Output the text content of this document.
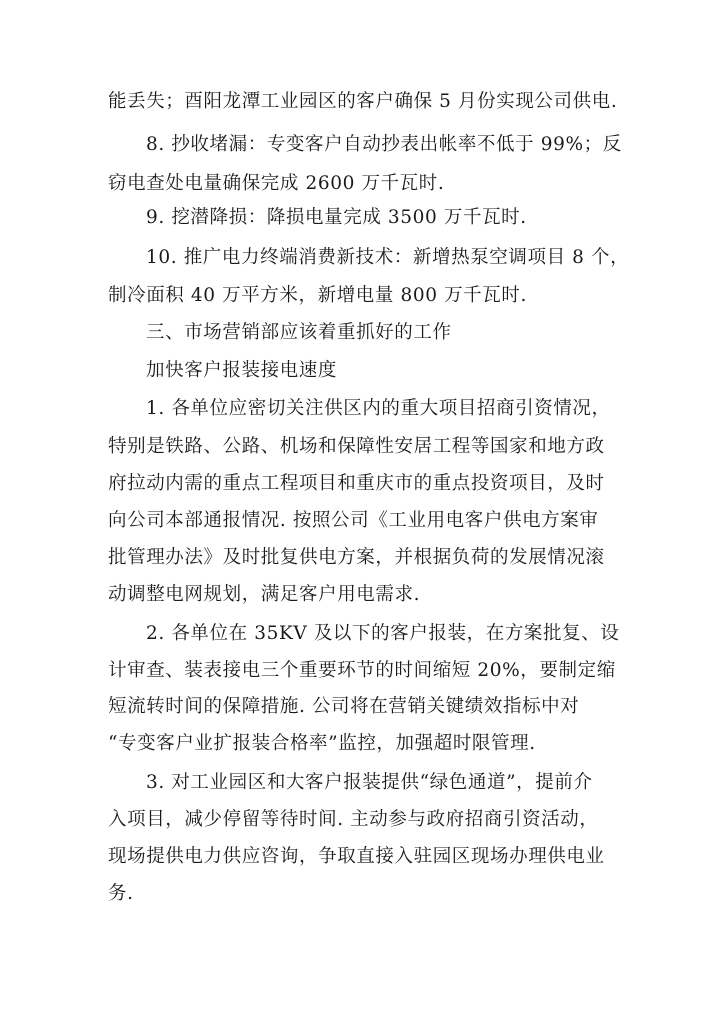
能丢失；酉阳龙潭工业园区的客户确保 5 月份实现公司供电.
8. 抄收堵漏：专变客户自动抄表出帐率不低于 99%；反
窃电查处电量确保完成 2600 万千瓦时.
9. 挖潜降损：降损电量完成 3500 万千瓦时.
10. 推广电力终端消费新技术：新增热泵空调项目 8 个，
制冷面积 40 万平方米，新增电量 800 万千瓦时.
三、市场营销部应该着重抓好的工作
加快客户报装接电速度
1. 各单位应密切关注供区内的重大项目招商引资情况，
特别是铁路、公路、机场和保障性安居工程等国家和地方政
府拉动内需的重点工程项目和重庆市的重点投资项目，及时
向公司本部通报情况. 按照公司《工业用电客户供电方案审
批管理办法》及时批复供电方案，并根据负荷的发展情况滚
动调整电网规划，满足客户用电需求.
2. 各单位在 35KV 及以下的客户报装，在方案批复、设
计审查、装表接电三个重要环节的时间缩短 20%，要制定缩
短流转时间的保障措施. 公司将在营销关键绩效指标中对
“专变客户业扩报装合格率”监控，加强超时限管理.
3. 对工业园区和大客户报装提供“绿色通道”，提前介
入项目，减少停留等待时间. 主动参与政府招商引资活动，
现场提供电力供应咨询，争取直接入驻园区现场办理供电业
务.
